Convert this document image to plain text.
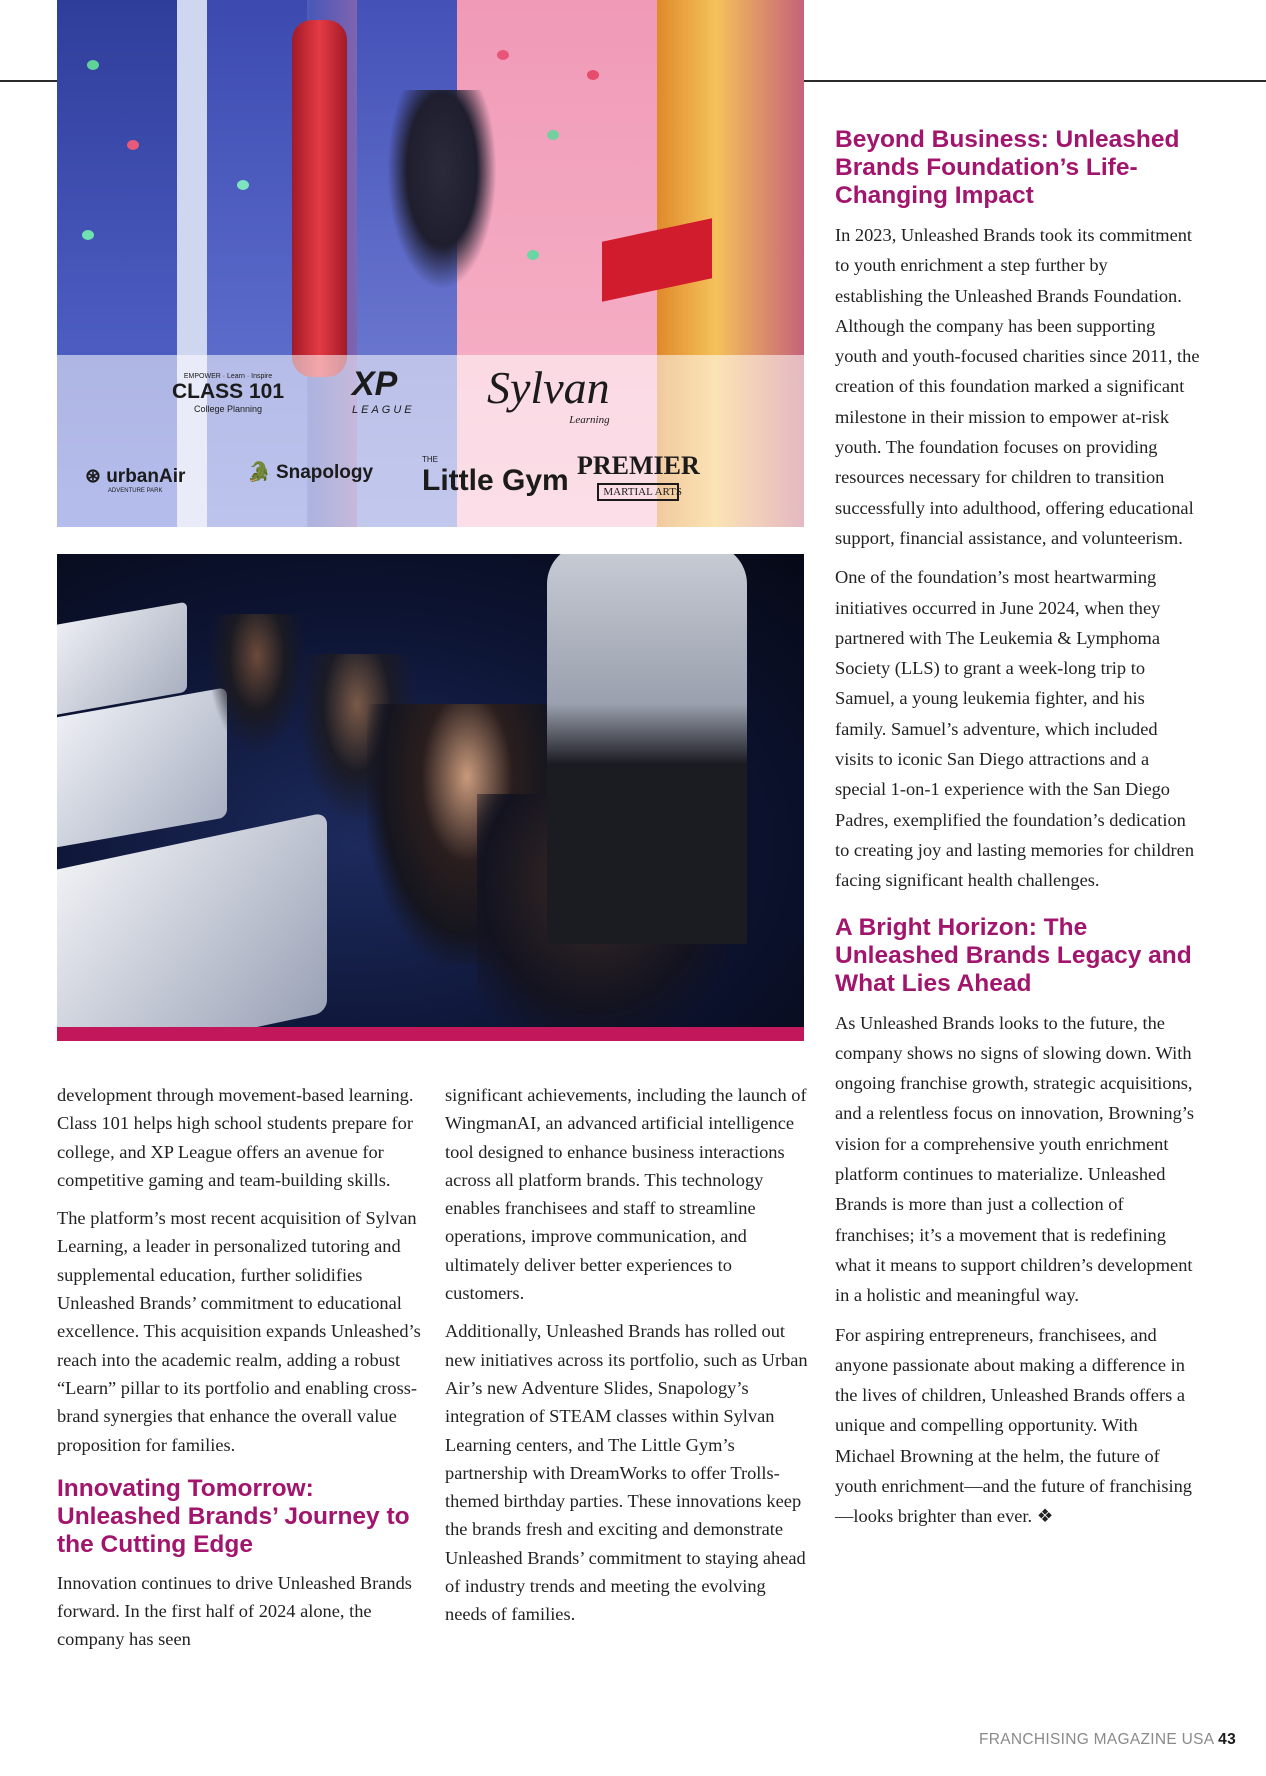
EMPOWER · Learn · Inspire
CLASS 101
College Planning
XP
LEAGUE Sylvan
Learning
⊛ urbanAir
ADVENTURE PARK
🐊 Snapology
THE
Little Gym PREMIER
MARTIAL ARTS

development through movement-based learning. Class 101 helps high school students prepare for college, and XP League offers an avenue for competitive gaming and team-building skills.

The platform’s most recent acquisition of Sylvan Learning, a leader in personalized tutoring and supplemental education, further solidifies Unleashed Brands’ commitment to educational excellence. This acquisition expands Unleashed’s reach into the academic realm, adding a robust “Learn” pillar to its portfolio and enabling cross-brand synergies that enhance the overall value proposition for families.

Innovating Tomorrow: Unleashed Brands’ Journey to the Cutting Edge

Innovation continues to drive Unleashed Brands forward. In the first half of 2024 alone, the company has seen

significant achievements, including the launch of WingmanAI, an advanced artificial intelligence tool designed to enhance business interactions across all platform brands. This technology enables franchisees and staff to streamline operations, improve communication, and ultimately deliver better experiences to customers.

Additionally, Unleashed Brands has rolled out new initiatives across its portfolio, such as Urban Air’s new Adventure Slides, Snapology’s integration of STEAM classes within Sylvan Learning centers, and The Little Gym’s partnership with DreamWorks to offer Trolls-themed birthday parties. These innovations keep the brands fresh and exciting and demonstrate Unleashed Brands’ commitment to staying ahead of industry trends and meeting the evolving needs of families.

Beyond Business: Unleashed Brands Foundation’s Life-Changing Impact

In 2023, Unleashed Brands took its commitment to youth enrichment a step further by establishing the Unleashed Brands Foundation. Although the company has been supporting youth and youth-focused charities since 2011, the creation of this foundation marked a significant milestone in their mission to empower at-risk youth. The foundation focuses on providing resources necessary for children to transition successfully into adulthood, offering educational support, financial assistance, and volunteerism.

One of the foundation’s most heartwarming initiatives occurred in June 2024, when they partnered with The Leukemia & Lymphoma Society (LLS) to grant a week-long trip to Samuel, a young leukemia fighter, and his family. Samuel’s adventure, which included visits to iconic San Diego attractions and a special 1-on-1 experience with the San Diego Padres, exemplified the foundation’s dedication to creating joy and lasting memories for children facing significant health challenges.

A Bright Horizon: The Unleashed Brands Legacy and What Lies Ahead

As Unleashed Brands looks to the future, the company shows no signs of slowing down. With ongoing franchise growth, strategic acquisitions, and a relentless focus on innovation, Browning’s vision for a comprehensive youth enrichment platform continues to materialize. Unleashed Brands is more than just a collection of franchises; it’s a movement that is redefining what it means to support children’s development in a holistic and meaningful way.

For aspiring entrepreneurs, franchisees, and anyone passionate about making a difference in the lives of children, Unleashed Brands offers a unique and compelling opportunity. With Michael Browning at the helm, the future of youth enrichment—and the future of franchising—looks brighter than ever. ❖

FRANCHISING MAGAZINE USA 43
